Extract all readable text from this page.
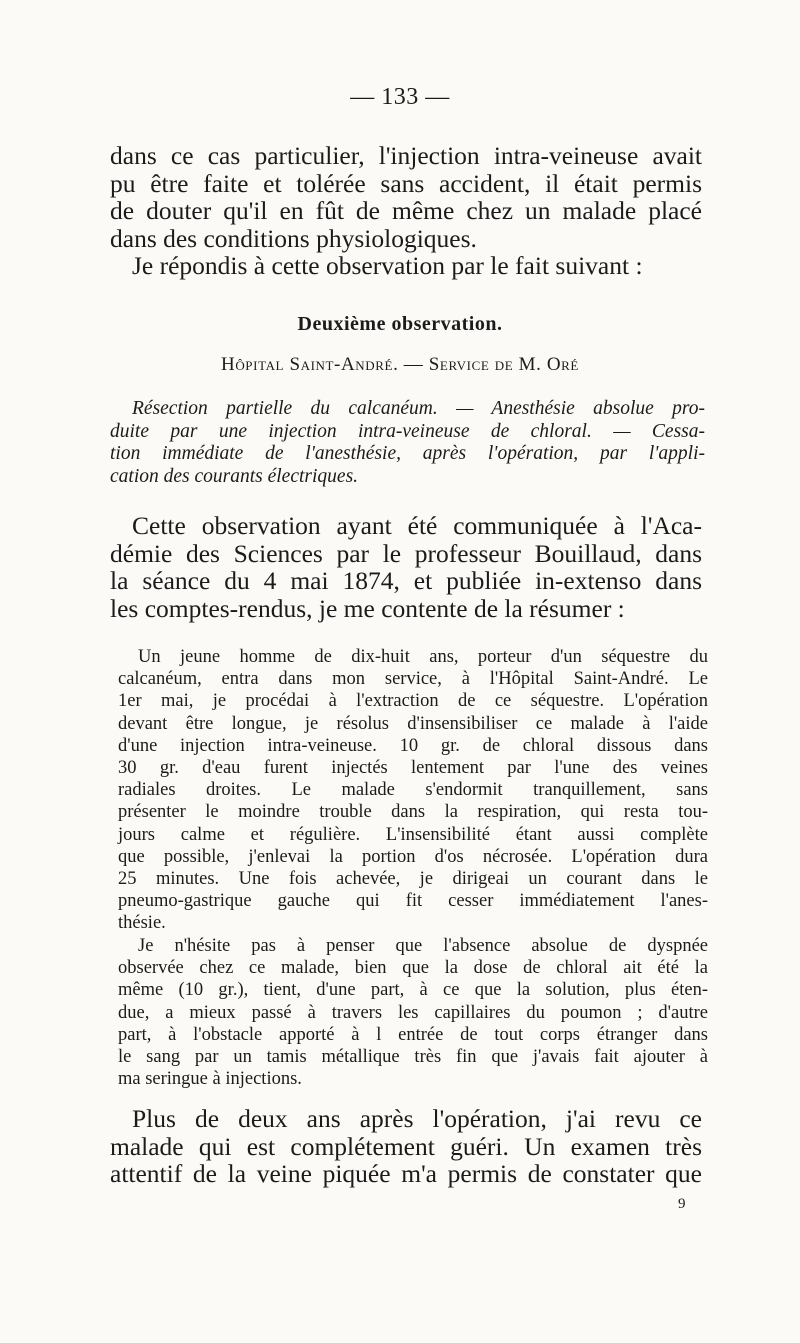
— 133 —
dans ce cas particulier, l'injection intra-veineuse avait
pu être faite et tolérée sans accident, il était permis
de douter qu'il en fût de même chez un malade placé
dans des conditions physiologiques.
Je répondis à cette observation par le fait suivant :
Deuxième observation.
Hôpital Saint-André. — Service de M. Oré
Résection partielle du calcanéum. — Anesthésie absolue pro-
duite par une injection intra-veineuse de chloral. — Cessa-
tion immédiate de l'anesthésie, après l'opération, par l'appli-
cation des courants électriques.
Cette observation ayant été communiquée à l'Aca-
démie des Sciences par le professeur Bouillaud, dans
la séance du 4 mai 1874, et publiée in-extenso dans
les comptes-rendus, je me contente de la résumer :
Un jeune homme de dix-huit ans, porteur d'un séquestre du
calcanéum, entra dans mon service, à l'Hôpital Saint-André. Le
1er mai, je procédai à l'extraction de ce séquestre. L'opération
devant être longue, je résolus d'insensibiliser ce malade à l'aide
d'une injection intra-veineuse. 10 gr. de chloral dissous dans
30 gr. d'eau furent injectés lentement par l'une des veines
radiales droites. Le malade s'endormit tranquillement, sans
présenter le moindre trouble dans la respiration, qui resta tou-
jours calme et régulière. L'insensibilité étant aussi complète
que possible, j'enlevai la portion d'os nécrosée. L'opération dura
25 minutes. Une fois achevée, je dirigeai un courant dans le
pneumo-gastrique gauche qui fit cesser immédiatement l'anes-
thésie.
Je n'hésite pas à penser que l'absence absolue de dyspnée
observée chez ce malade, bien que la dose de chloral ait été la
même (10 gr.), tient, d'une part, à ce que la solution, plus éten-
due, a mieux passé à travers les capillaires du poumon ; d'autre
part, à l'obstacle apporté à l entrée de tout corps étranger dans
le sang par un tamis métallique très fin que j'avais fait ajouter à
ma seringue à injections.
Plus de deux ans après l'opération, j'ai revu ce
malade qui est complétement guéri. Un examen très
attentif de la veine piquée m'a permis de constater que
9
